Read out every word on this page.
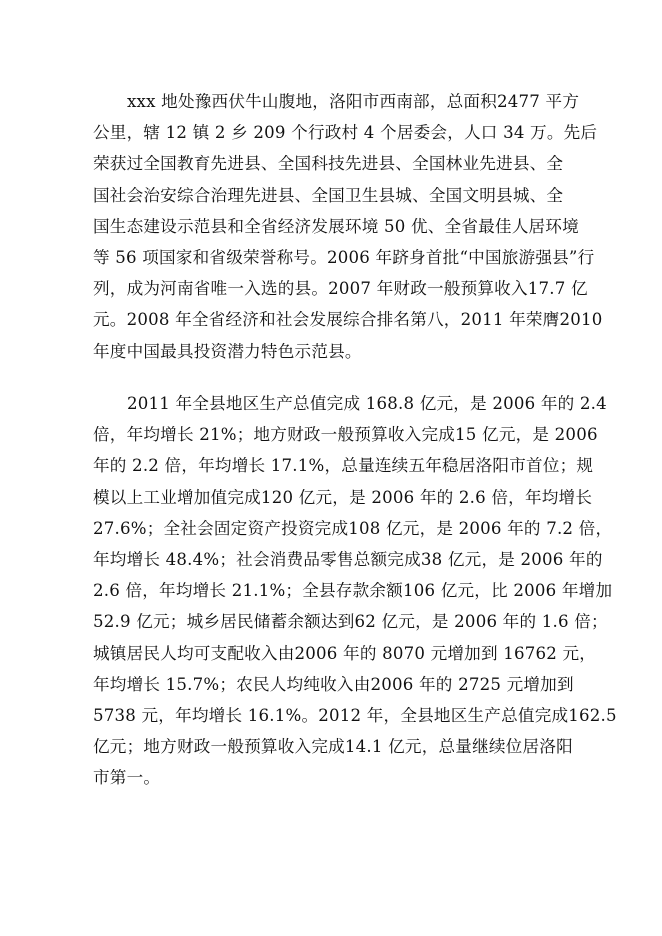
xxx 地处豫西伏牛山腹地，洛阳市西南部，总面积2477 平方
公里，辖 12 镇 2 乡 209 个行政村 4 个居委会，人口 34 万。先后
荣获过全国教育先进县、全国科技先进县、全国林业先进县、全
国社会治安综合治理先进县、全国卫生县城、全国文明县城、全
国生态建设示范县和全省经济发展环境 50 优、全省最佳人居环境
等 56 项国家和省级荣誉称号。2006 年跻身首批“中国旅游强县”行
列，成为河南省唯一入选的县。2007 年财政一般预算收入17.7 亿
元。2008 年全省经济和社会发展综合排名第八，2011 年荣膺2010
年度中国最具投资潜力特色示范县。
2011 年全县地区生产总值完成 168.8 亿元，是 2006 年的 2.4
倍，年均增长 21%；地方财政一般预算收入完成15 亿元，是 2006
年的 2.2 倍，年均增长 17.1%，总量连续五年稳居洛阳市首位；规
模以上工业增加值完成120 亿元，是 2006 年的 2.6 倍，年均增长
27.6%；全社会固定资产投资完成108 亿元，是 2006 年的 7.2 倍，
年均增长 48.4%；社会消费品零售总额完成38 亿元，是 2006 年的
2.6 倍，年均增长 21.1%；全县存款余额106 亿元，比 2006 年增加
52.9 亿元；城乡居民储蓄余额达到62 亿元，是 2006 年的 1.6 倍；
城镇居民人均可支配收入由2006 年的 8070 元增加到 16762 元，
年均增长 15.7%；农民人均纯收入由2006 年的 2725 元增加到
5738 元，年均增长 16.1%。2012 年，全县地区生产总值完成162.5
亿元；地方财政一般预算收入完成14.1 亿元，总量继续位居洛阳
市第一。
